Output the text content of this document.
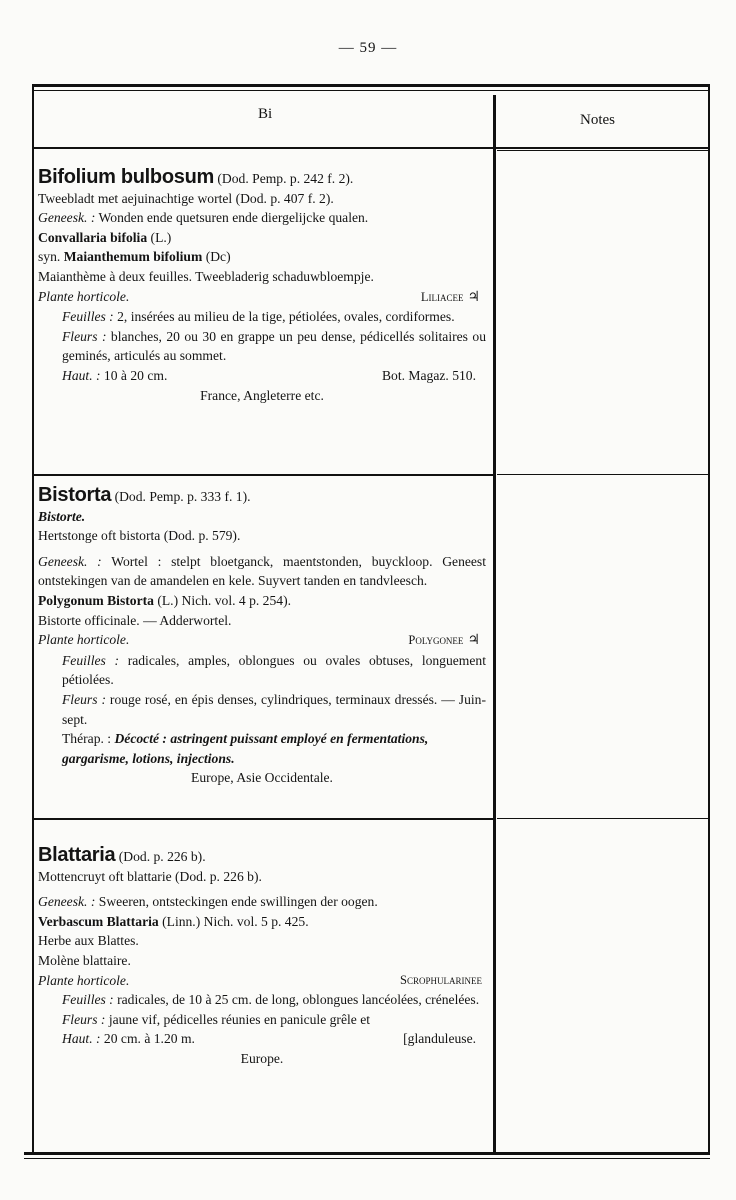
— 59 —
Bi	Notes

Bifolium bulbosum (Dod. Pemp. p. 242 f. 2).

Tweebladt met aejuinachtige wortel (Dod. p. 407 f. 2).

Geneesk. : Wonden ende quetsuren ende diergelijcke qualen.

Convallaria bifolia (L.)

syn. Maianthemum bifolium (Dc)

Maianthème à deux feuilles. Tweebladerig schaduwbloempje.

Plante horticole.	Liliacee ♃

Feuilles : 2, insérées au milieu de la tige, pétiolées, ovales, cordiformes.

Fleurs : blanches, 20 ou 30 en grappe un peu dense, pédicellés solitaires ou geminés, articulés au sommet.

Haut. : 10 à 20 cm.	Bot. Magaz. 510.

France, Angleterre etc.

Bistorta (Dod. Pemp. p. 333 f. 1).

Bistorte.

Hertstonge oft bistorta (Dod. p. 579).

Geneesk. : Wortel : stelpt bloetganck, maentstonden, buycklooр. Geneest ontstekingen van de amandelen en kele. Suyvert tanden en tandvleesch.

Polygonum Bistorta (L.) Nich. vol. 4 p. 254).

Bistorte officinale. — Adderwortel.

Plante horticole.	Polygonee ♃

Feuilles : radicales, amples, oblongues ou ovales obtuses, longuement pétiolées.

Fleurs : rouge rosé, en épis denses, cylindriques, terminaux dressés. — Juin-sept.

Thérap. : Décocté : astringent puissant employé en fermentations, gargarisme, lotions, injections.

Europe, Asie Occidentale.

Blattaria (Dod. p. 226 b).

Mottencruyt oft blattarie (Dod. p. 226 b).

Geneesk. : Sweeren, ontsteckingen ende swillingen der oogen.

Verbascum Blattaria (Linn.) Nich. vol. 5 p. 425.

Herbe aux Blattes.

Molène blattaire.

Plante horticole.	Scrophularinee

Feuilles : radicales, de 10 à 25 cm. de long, oblongues lancéolées, crénelées.

Fleurs : jaune vif, pédicelles réunies en panicule grêle et

Haut. : 20 cm. à 1.20 m.	[glanduleuse.

Europe.
